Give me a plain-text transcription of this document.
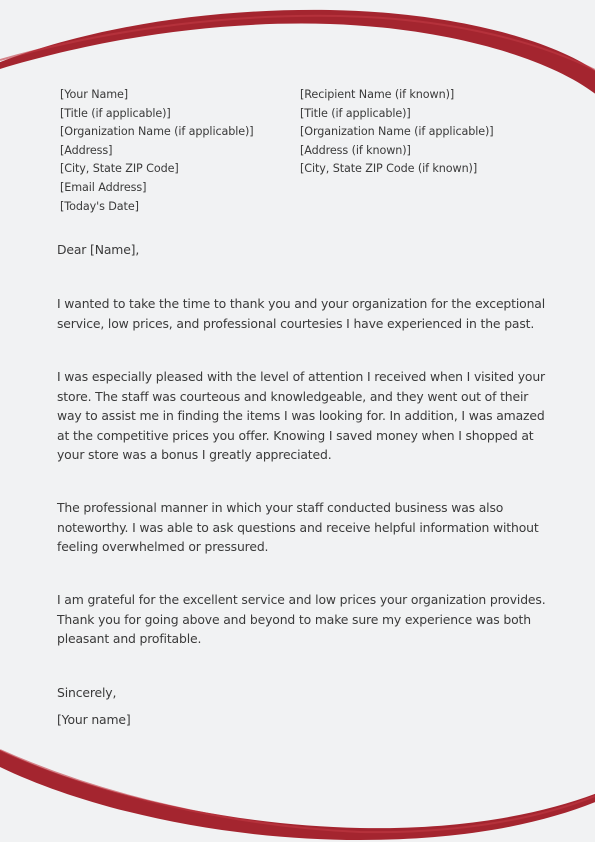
[Your Name]
[Title (if applicable)]
[Organization Name (if applicable)]
[Address]
[City, State ZIP Code]
[Email Address]
[Today's Date]
[Recipient Name (if known)]
[Title (if applicable)]
[Organization Name (if applicable)]
[Address (if known)]
[City, State ZIP Code (if known)]
Dear [Name],
I wanted to take the time to thank you and your organization for the exceptional service, low prices, and professional courtesies I have experienced in the past.
I was especially pleased with the level of attention I received when I visited your store. The staff was courteous and knowledgeable, and they went out of their way to assist me in finding the items I was looking for. In addition, I was amazed at the competitive prices you offer. Knowing I saved money when I shopped at your store was a bonus I greatly appreciated.
The professional manner in which your staff conducted business was also noteworthy. I was able to ask questions and receive helpful information without feeling overwhelmed or pressured.
I am grateful for the excellent service and low prices your organization provides. Thank you for going above and beyond to make sure my experience was both pleasant and profitable.
Sincerely,
[Your name]
